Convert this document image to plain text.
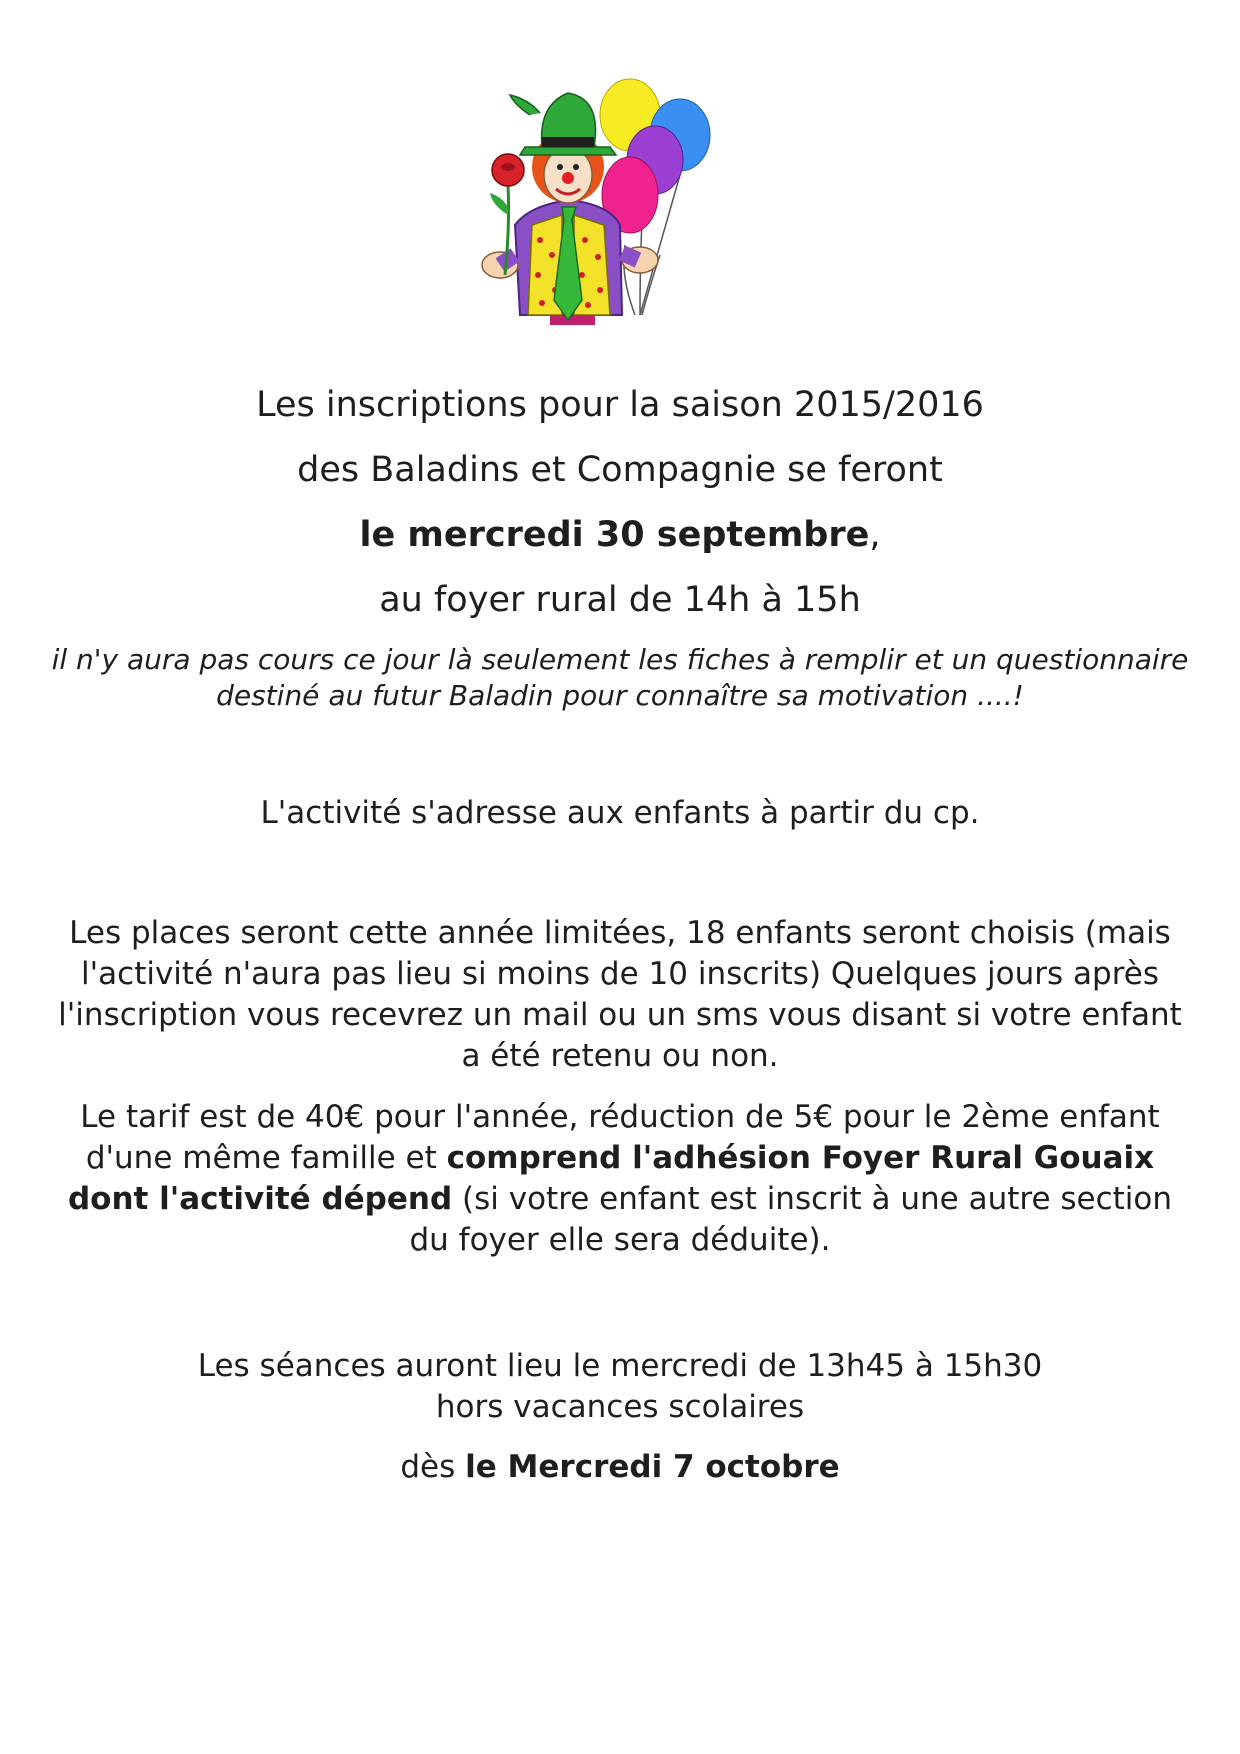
Les inscriptions pour la saison 2015/2016
des Baladins et Compagnie se feront
le mercredi 30 septembre,
au foyer rural de 14h à 15h
il n'y aura pas cours ce jour là seulement les fiches à remplir et un questionnaire
destiné au futur Baladin pour connaître sa motivation ....!
L'activité s'adresse aux enfants à partir du cp.
Les places seront cette année limitées, 18 enfants seront choisis (mais
l'activité n'aura pas lieu si moins de 10 inscrits) Quelques jours après
l'inscription vous recevrez un mail ou un sms vous disant si votre enfant
a été retenu ou non.
Le tarif est de 40€ pour l'année, réduction de 5€ pour le 2ème enfant
d'une même famille et comprend l'adhésion Foyer Rural Gouaix
dont l'activité dépend (si votre enfant est inscrit à une autre section
du foyer elle sera déduite).
Les séances auront lieu le mercredi de 13h45 à 15h30
hors vacances scolaires
dès le Mercredi 7 octobre
